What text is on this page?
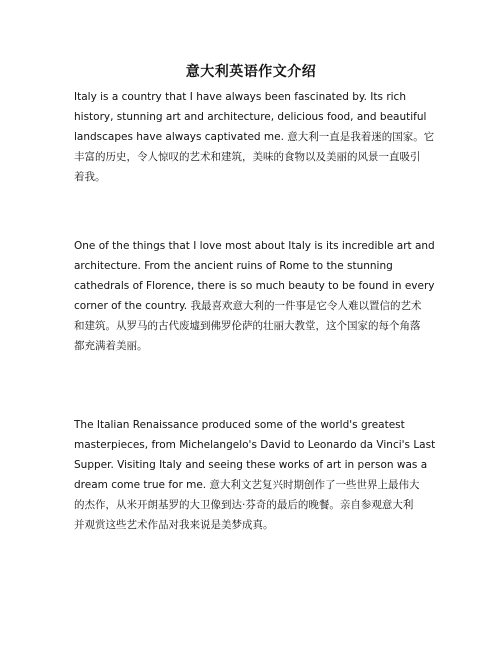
意大利英语作文介绍
Italy is a country that I have always been fascinated by. Its rich
history, stunning art and architecture, delicious food, and beautiful
landscapes have always captivated me. 意大利一直是我着迷的国家。它
丰富的历史，令人惊叹的艺术和建筑，美味的食物以及美丽的风景一直吸引
着我。
One of the things that I love most about Italy is its incredible art and
architecture. From the ancient ruins of Rome to the stunning
cathedrals of Florence, there is so much beauty to be found in every
corner of the country. 我最喜欢意大利的一件事是它令人难以置信的艺术
和建筑。从罗马的古代废墟到佛罗伦萨的壮丽大教堂，这个国家的每个角落
都充满着美丽。
The Italian Renaissance produced some of the world's greatest
masterpieces, from Michelangelo's David to Leonardo da Vinci's Last
Supper. Visiting Italy and seeing these works of art in person was a
dream come true for me. 意大利文艺复兴时期创作了一些世界上最伟大
的杰作，从米开朗基罗的大卫像到达·芬奇的最后的晚餐。亲自参观意大利
并观赏这些艺术作品对我来说是美梦成真。
